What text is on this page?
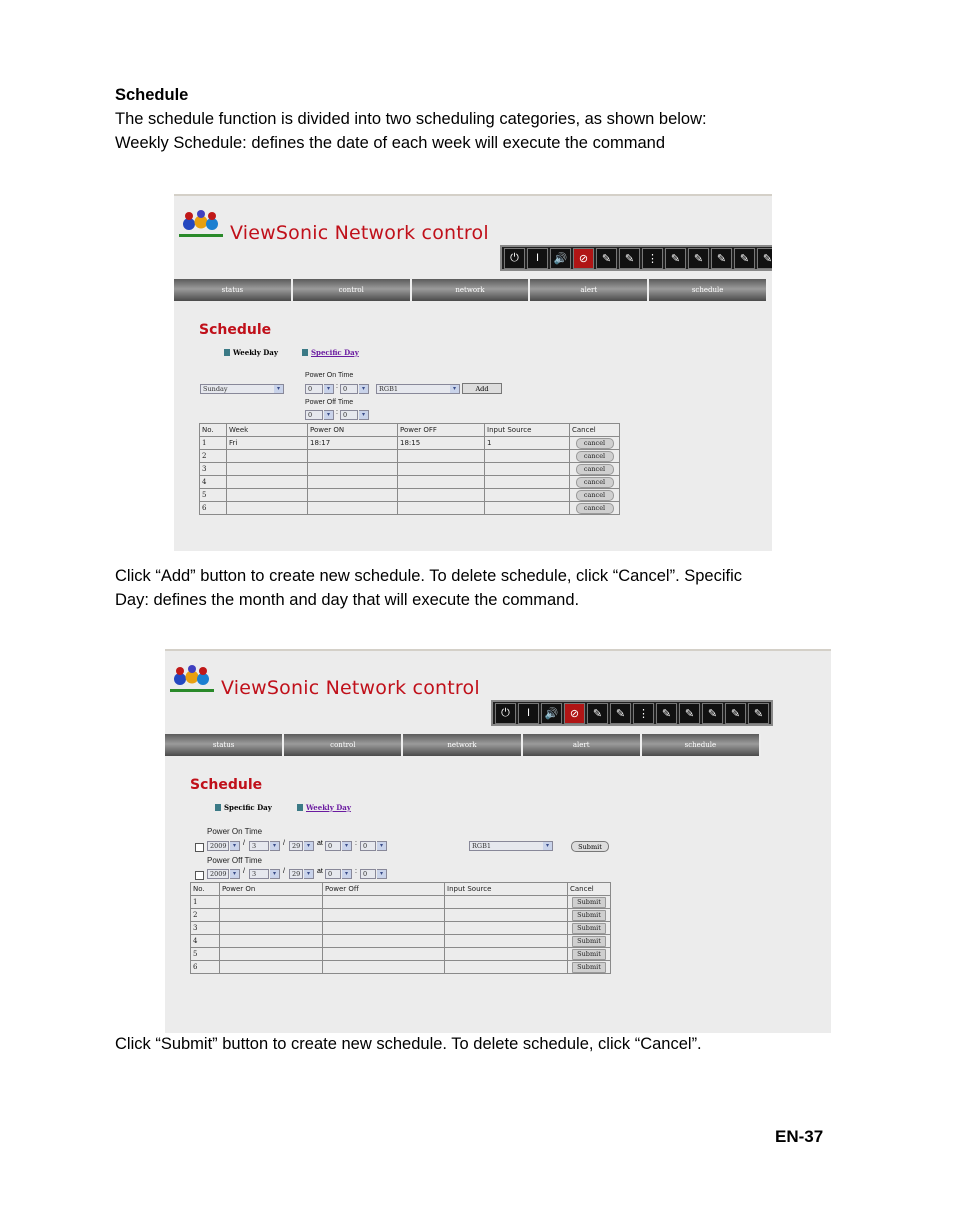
Schedule
The schedule function is divided into two scheduling categories, as shown below:
Weekly Schedule: defines the date of each week will execute the command
ViewSonic Network control
⏻	I	🔊	⊘	✎	✎	⋮	✎	✎	✎	✎	✎
status	control	network	alert	schedule
Schedule
Weekly Day	Specific Day
Power On Time
Sunday	▾	0	▾ : 0	▾	RGB1	▾	Add
Power Off Time
0	▾ : 0	▾
No.	Week	Power ON	Power OFF	Input Source	Cancel
1	Fri	18:17	18:15	1	cancel

2					cancel

3					cancel

4					cancel

5					cancel

6					cancel
Click “Add” button to create new schedule. To delete schedule, click “Cancel”. Specific
Day: defines the month and day that will execute the command.
ViewSonic Network control
⏻	I	🔊	⊘	✎	✎	⋮	✎	✎	✎	✎	✎
status	control	network	alert	schedule
Schedule
Specific Day	Weekly Day
Power On Time
2009	▾	/	3	▾	/	29	▾	at 0	▾	: 0	▾	RGB1	▾	Submit
Power Off Time
2009	▾	/	3	▾	/	29	▾	at 0	▾	: 0	▾
No.	Power On	Power Off	Input Source	Cancel
1				Submit

2				Submit

3				Submit

4				Submit

5				Submit

6				Submit
Click “Submit” button to create new schedule. To delete schedule, click “Cancel”.
EN-37
